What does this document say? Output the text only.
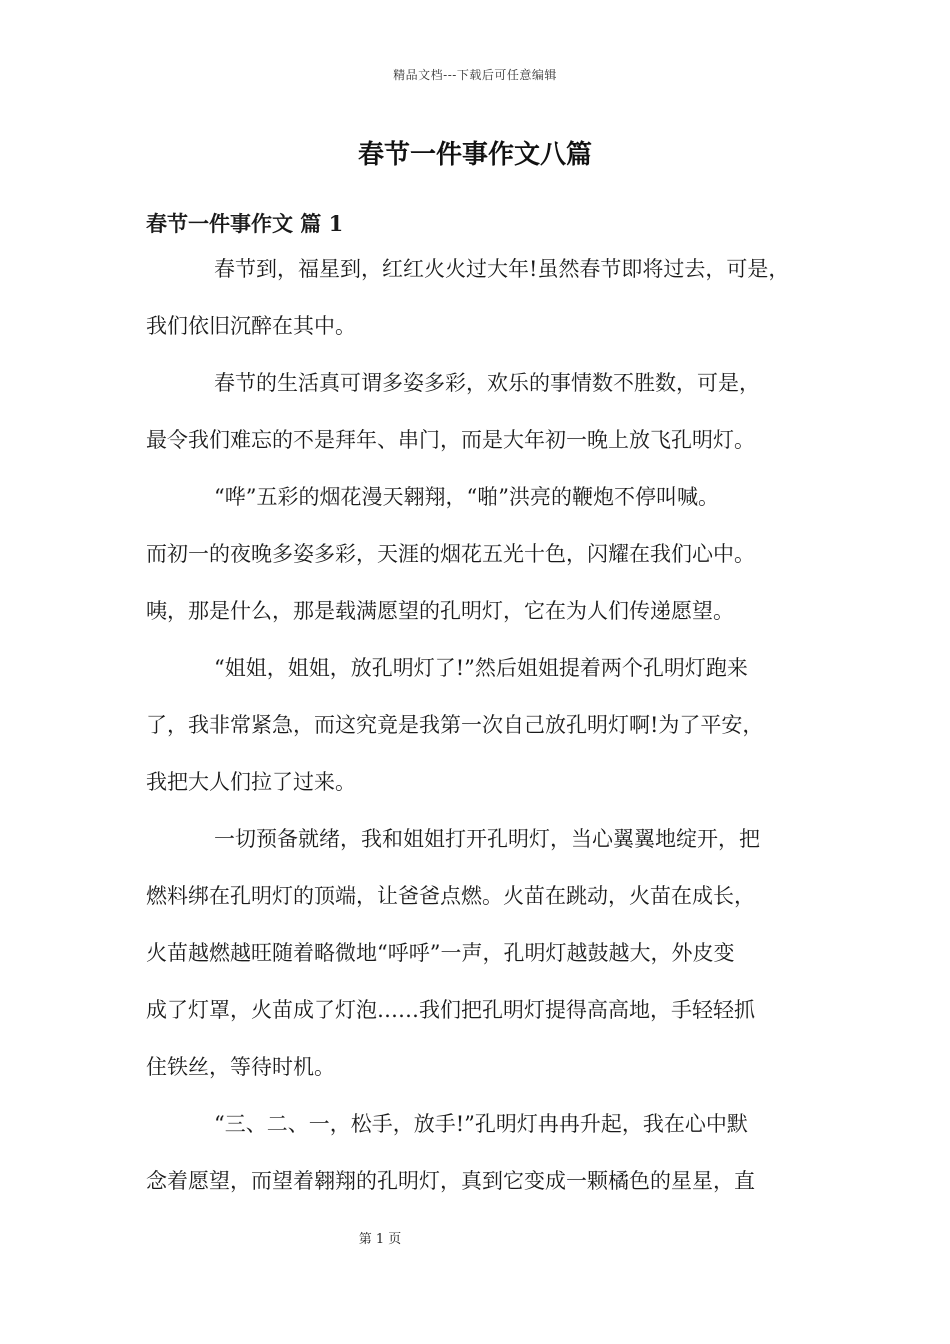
精品文档---下载后可任意编辑
春节一件事作文八篇
春节一件事作文 篇 1
春节到，福星到，红红火火过大年!虽然春节即将过去，可是，
我们依旧沉醉在其中。
春节的生活真可谓多姿多彩，欢乐的事情数不胜数，可是，
最令我们难忘的不是拜年、串门，而是大年初一晚上放飞孔明灯。
“哗”五彩的烟花漫天翱翔，“啪”洪亮的鞭炮不停叫喊。
而初一的夜晚多姿多彩，天涯的烟花五光十色，闪耀在我们心中。
咦，那是什么，那是载满愿望的孔明灯，它在为人们传递愿望。
“姐姐，姐姐，放孔明灯了!”然后姐姐提着两个孔明灯跑来
了，我非常紧急，而这究竟是我第一次自己放孔明灯啊!为了平安，
我把大人们拉了过来。
一切预备就绪，我和姐姐打开孔明灯，当心翼翼地绽开，把
燃料绑在孔明灯的顶端，让爸爸点燃。火苗在跳动，火苗在成长，
火苗越燃越旺随着略微地“呼呼”一声，孔明灯越鼓越大，外皮变
成了灯罩，火苗成了灯泡……我们把孔明灯提得高高地，手轻轻抓
住铁丝，等待时机。
“三、二、一，松手，放手!”孔明灯冉冉升起，我在心中默
念着愿望，而望着翱翔的孔明灯，真到它变成一颗橘色的星星，直
第 1 页
